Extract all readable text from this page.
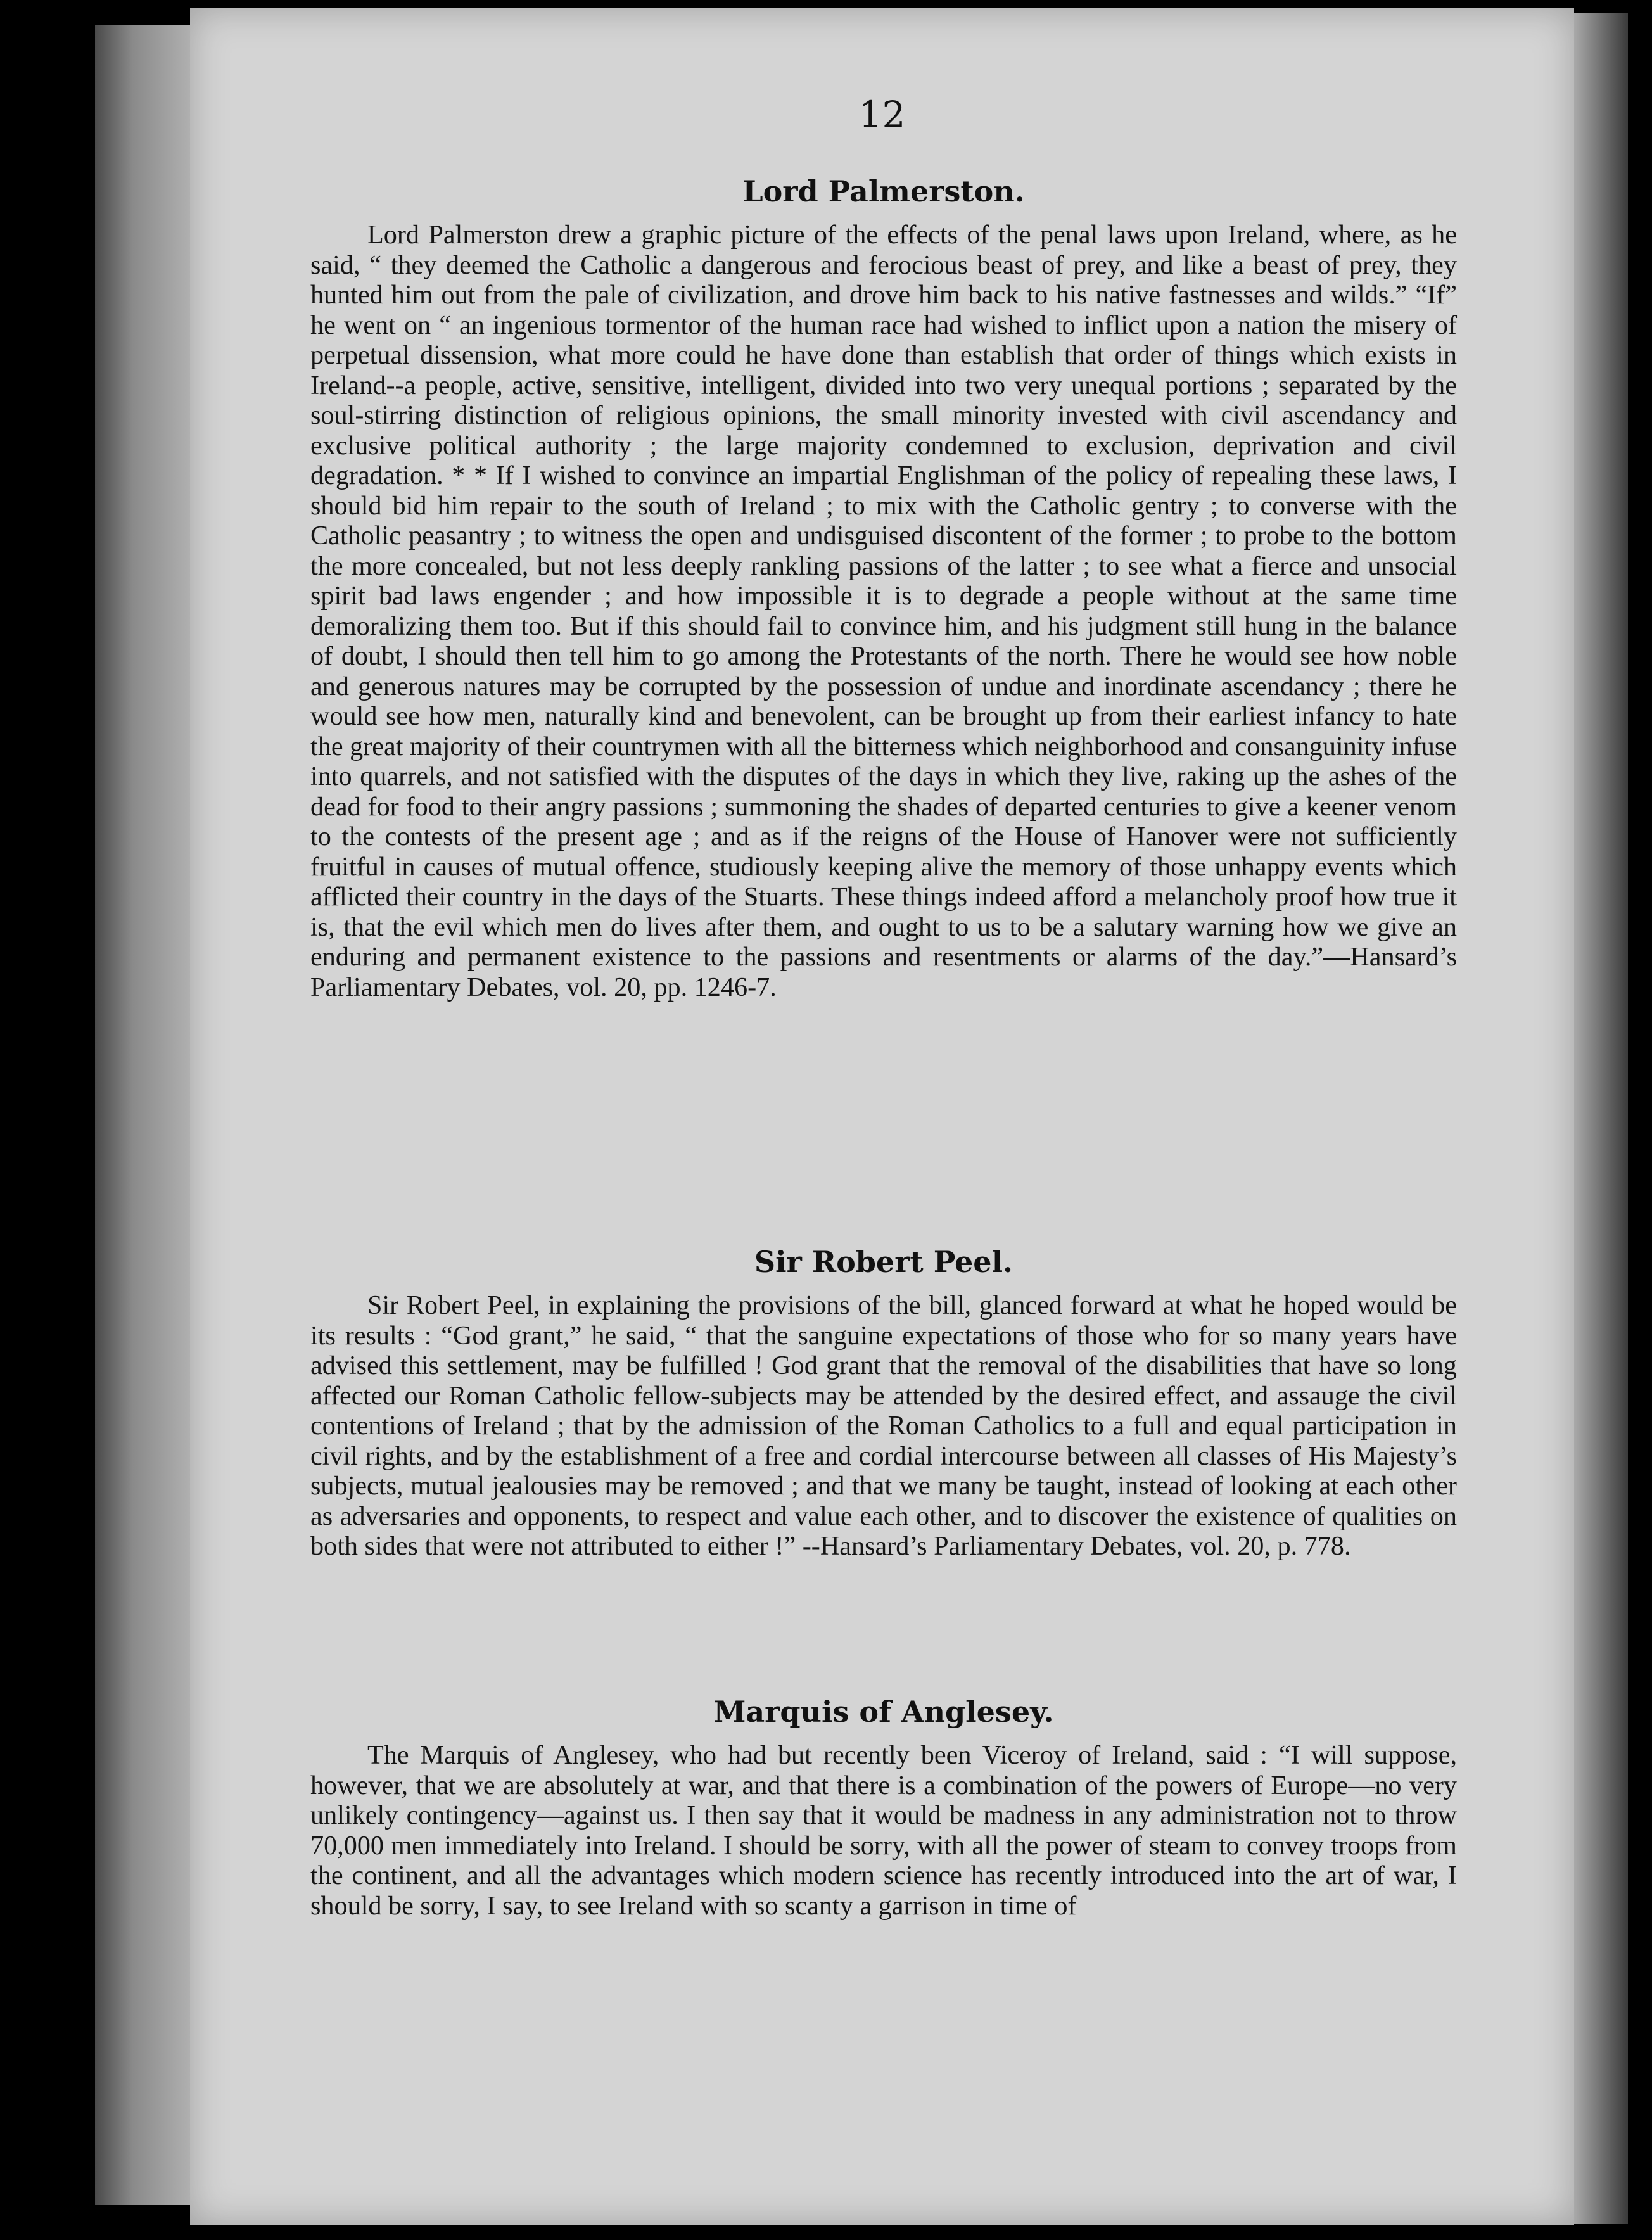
12
Lord Palmerston.

Lord Palmerston drew a graphic picture of the effects of the penal laws upon Ireland, where, as he said, “ they deemed the Catholic a dangerous and ferocious beast of prey, and like a beast of prey, they hunted him out from the pale of civilization, and drove him back to his native fastnesses and wilds.” “If” he went on “ an ingenious tormentor of the human race had wished to inflict upon a nation the misery of perpetual dissension, what more could he have done than establish that order of things which exists in Ireland--a people, active, sensitive, intelligent, divided into two very unequal portions ; separated by the soul-stirring distinction of religious opinions, the small minority invested with civil ascendancy and exclusive political authority ; the large majority condemned to exclusion, deprivation and civil degradation. * * If I wished to convince an impartial Englishman of the policy of repealing these laws, I should bid him repair to the south of Ireland ; to mix with the Catholic gentry ; to converse with the Catholic peasantry ; to witness the open and undisguised discontent of the former ; to probe to the bottom the more concealed, but not less deeply rankling passions of the latter ; to see what a fierce and unsocial spirit bad laws engender ; and how impossible it is to degrade a people without at the same time demoralizing them too. But if this should fail to convince him, and his judgment still hung in the balance of doubt, I should then tell him to go among the Protestants of the north. There he would see how noble and generous natures may be corrupted by the possession of undue and inordinate ascendancy ; there he would see how men, naturally kind and benevolent, can be brought up from their earliest infancy to hate the great majority of their countrymen with all the bitterness which neighborhood and consanguinity infuse into quarrels, and not satisfied with the disputes of the days in which they live, raking up the ashes of the dead for food to their angry passions ; summoning the shades of departed centuries to give a keener venom to the contests of the present age ; and as if the reigns of the House of Hanover were not sufficiently fruitful in causes of mutual offence, studiously keeping alive the memory of those unhappy events which afflicted their country in the days of the Stuarts. These things indeed afford a melancholy proof how true it is, that the evil which men do lives after them, and ought to us to be a salutary warning how we give an enduring and permanent existence to the passions and resentments or alarms of the day.”—Hansard’s Parliamentary Debates, vol. 20, pp. 1246-7.

Sir Robert Peel.

Sir Robert Peel, in explaining the provisions of the bill, glanced forward at what he hoped would be its results : “God grant,” he said, “ that the sanguine expectations of those who for so many years have advised this settlement, may be fulfilled ! God grant that the removal of the disabilities that have so long affected our Roman Catholic fellow-subjects may be attended by the desired effect, and assauge the civil contentions of Ireland ; that by the admission of the Roman Catholics to a full and equal participation in civil rights, and by the establishment of a free and cordial intercourse between all classes of His Majesty’s subjects, mutual jealousies may be removed ; and that we many be taught, instead of looking at each other as adversaries and opponents, to respect and value each other, and to discover the existence of qualities on both sides that were not attributed to either !” --Hansard’s Parliamentary Debates, vol. 20, p. 778.

Marquis of Anglesey.

The Marquis of Anglesey, who had but recently been Viceroy of Ireland, said : “I will suppose, however, that we are absolutely at war, and that there is a combination of the powers of Europe—no very unlikely contingency—against us. I then say that it would be madness in any administration not to throw 70,000 men immediately into Ireland. I should be sorry, with all the power of steam to convey troops from the continent, and all the advantages which modern science has recently introduced into the art of war, I should be sorry, I say, to see Ireland with so scanty a garrison in time of
